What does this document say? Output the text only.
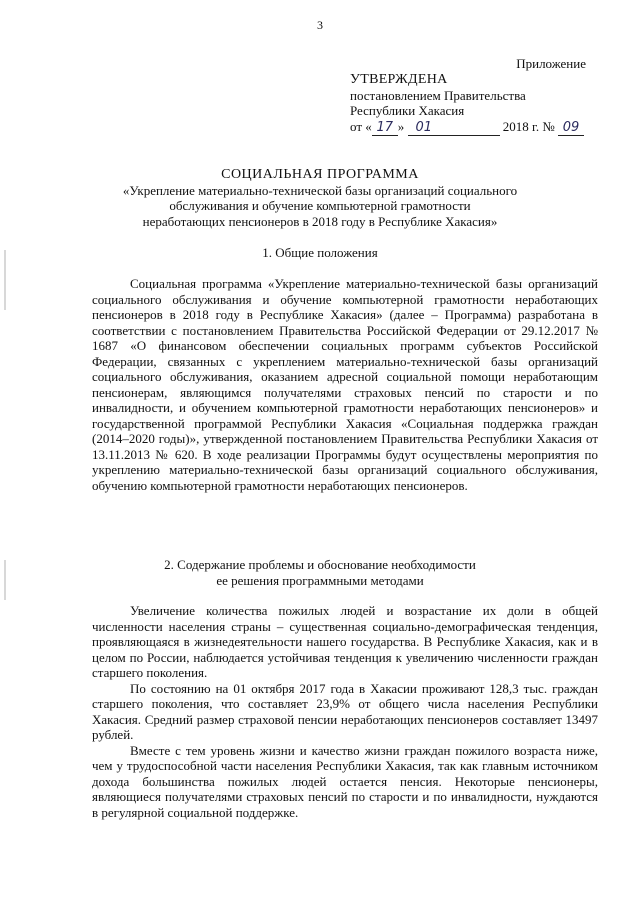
3
Приложение
УТВЕРЖДЕНА
постановлением Правительства
Республики Хакасия
от « 17 » 01	2018 г. № 09
СОЦИАЛЬНАЯ ПРОГРАММА
«Укрепление материально-технической базы организаций социального
обслуживания и обучение компьютерной грамотности
неработающих пенсионеров в 2018 году в Республике Хакасия»
1. Общие положения

Социальная программа «Укрепление материально-технической базы организаций социального обслуживания и обучение компьютерной грамотности неработающих пенсионеров в 2018 году в Республике Хакасия» (далее – Программа) разработана в соответствии с постановлением Правительства Российской Федерации от 29.12.2017 № 1687 «О финансовом обеспечении социальных программ субъектов Российской Федерации, связанных с укреплением материально-технической базы организаций социального обслуживания, оказанием адресной социальной помощи неработающим пенсионерам, являющимся получателями страховых пенсий по старости и по инвалидности, и обучением компьютерной грамотности неработающих пенсионеров» и государственной программой Республики Хакасия «Социальная поддержка граждан (2014–2020 годы)», утвержденной постановлением Правительства Республики Хакасия от 13.11.2013 № 620. В ходе реализации Программы будут осуществлены мероприятия по укреплению материально-технической базы организаций социального обслуживания, обучению компьютерной грамотности неработающих пенсионеров.

2. Содержание проблемы и обоснование необходимости
ее решения программными методами

Увеличение количества пожилых людей и возрастание их доли в общей численности населения страны – существенная социально-демографическая тенденция, проявляющаяся в жизнедеятельности нашего государства. В Республике Хакасия, как и в целом по России, наблюдается устойчивая тенденция к увеличению численности граждан старшего поколения.

По состоянию на 01 октября 2017 года в Хакасии проживают 128,3 тыс. граждан старшего поколения, что составляет 23,9% от общего числа населения Республики Хакасия. Средний размер страховой пенсии неработающих пенсионеров составляет 13497 рублей.

Вместе с тем уровень жизни и качество жизни граждан пожилого возраста ниже, чем у трудоспособной части населения Республики Хакасия, так как главным источником дохода большинства пожилых людей остается пенсия. Некоторые пенсионеры, являющиеся получателями страховых пенсий по старости и по инвалидности, нуждаются в регулярной социальной поддержке.
